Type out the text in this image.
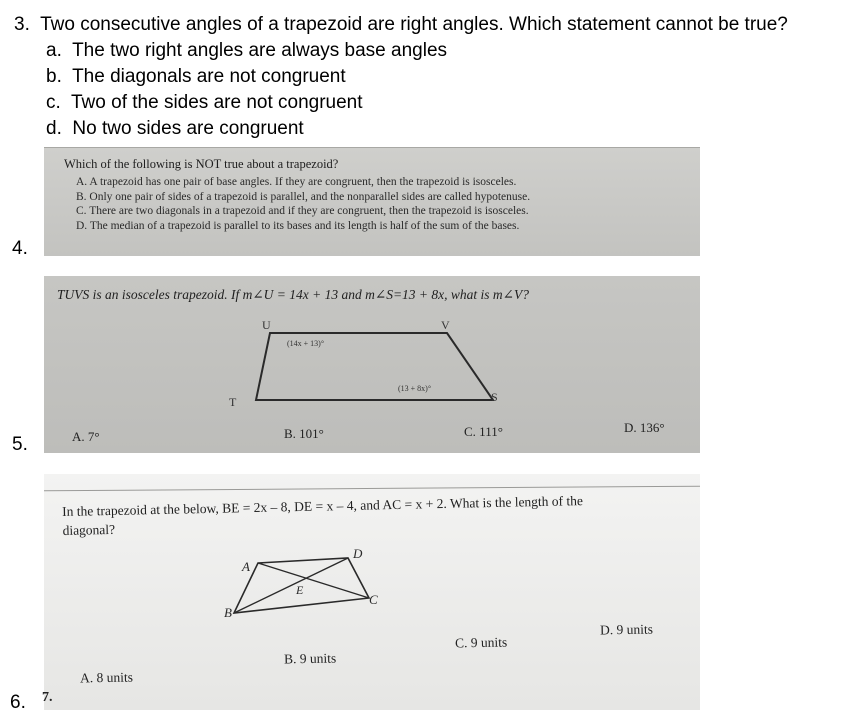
3. Two consecutive angles of a trapezoid are right angles. Which statement cannot be true?
a. The two right angles are always base angles
b. The diagonals are not congruent
c. Two of the sides are not congruent
d. No two sides are congruent
4.
Which of the following is NOT true about a trapezoid?
A. A trapezoid has one pair of base angles. If they are congruent, then the trapezoid is isosceles.
B. Only one pair of sides of a trapezoid is parallel, and the nonparallel sides are called hypotenuse.
C. There are two diagonals in a trapezoid and if they are congruent, then the trapezoid is isosceles.
D. The median of a trapezoid is parallel to its bases and its length is half of the sum of the bases.
5.
TUVS is an isosceles trapezoid. If m∠U = 14x + 13 and m∠S=13 + 8x, what is m∠V?
U	V
T	S
(14x + 13)°
(13 + 8x)°
A. 7°	B. 101°	C. 111°	D. 136°
6. 7.
In the trapezoid at the below, BE = 2x – 8, DE = x – 4, and AC = x + 2. What is the length of the
diagonal?
A
D
E
B
C
A. 8 units
B. 9 units
C. 9 units
D. 9 units
